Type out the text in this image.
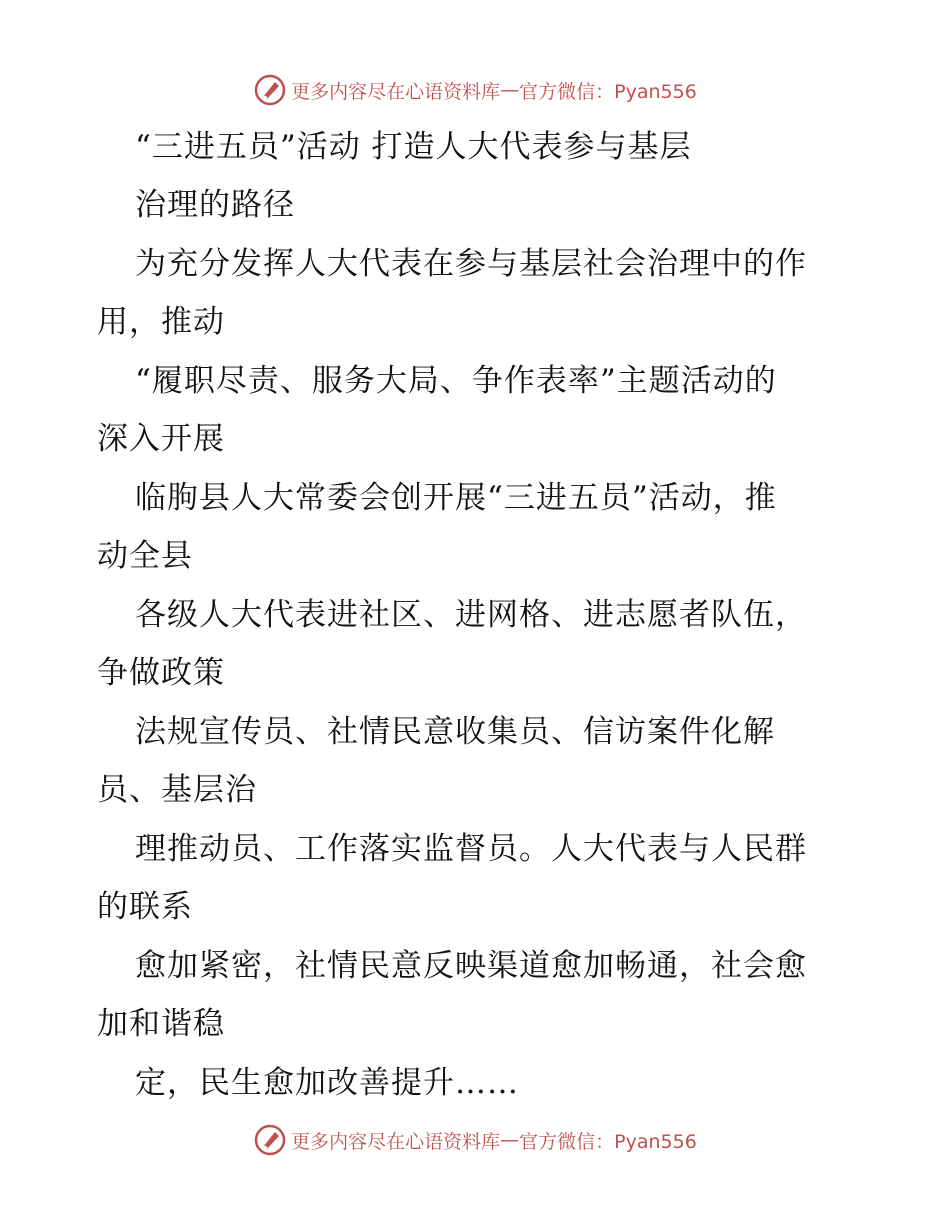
更多内容尽在心语资料库 — 官方微信：Pyan556
“三进五员”活动 打造人大代表参与基层
治理的路径
为充分发挥人大代表在参与基层社会治理中的作
用，推动
“履职尽责、服务大局、争作表率”主题活动的
深入开展
临朐县人大常委会创开展“三进五员”活动，推
动全县
各级人大代表进社区、进网格、进志愿者队伍，
争做政策
法规宣传员、社情民意收集员、信访案件化解
员、基层治
理推动员、工作落实监督员。人大代表与人民群
的联系
愈加紧密，社情民意反映渠道愈加畅通，社会愈
加和谐稳
定，民生愈加改善提升……
更多内容尽在心语资料库 — 官方微信：Pyan556
